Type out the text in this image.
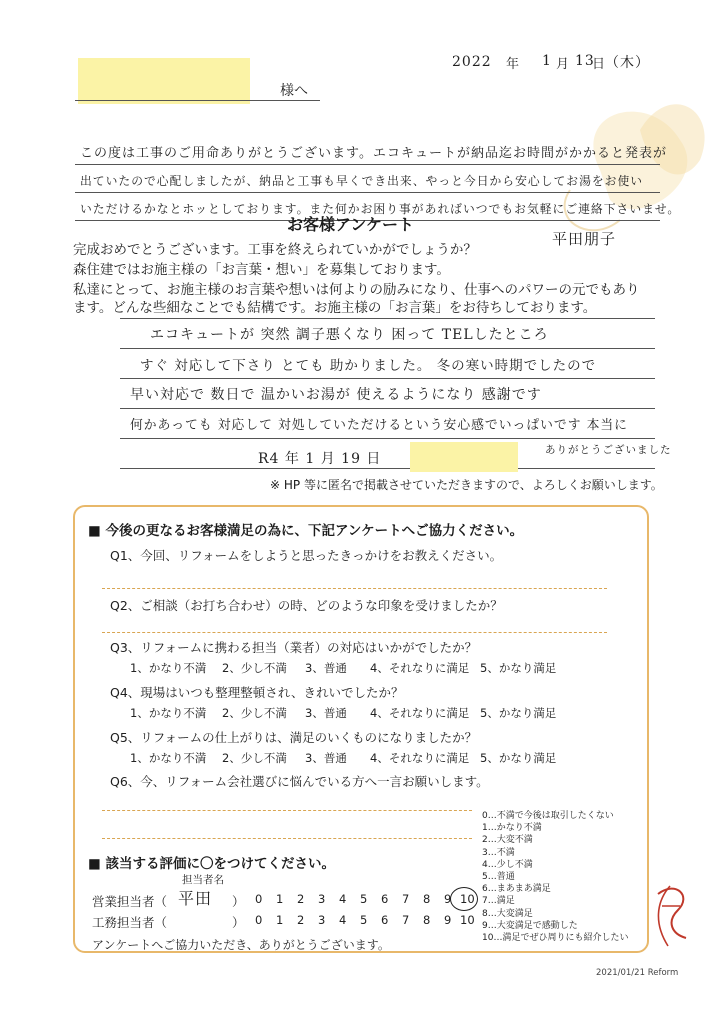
2022 年 1 月 13
日 （木）
様へ
この度は工事のご用命ありがとうございます。エコキュートが納品迄お時間がかかると発表が
出ていたので心配しましたが、納品と工事も早くでき出来、やっと今日から安心してお湯をお使い
いただけるかなとホッとしております。また何かお困り事があればいつでもお気軽にご連絡下さいませ。
平田朋子
お客様アンケート
完成おめでとうございます。工事を終えられていかがでしょうか？
森住建ではお施主様の「お言葉・想い」を募集しております。
私達にとって、お施主様のお言葉や想いは何よりの励みになり、仕事へのパワーの元でもあり
ます。どんな些細なことでも結構です。お施主様の「お言葉」をお待ちしております。
エコキュートが 突然 調子悪くなり 困って TELしたところ
すぐ 対応して下さり とても 助かりました。 冬の寒い時期でしたので
早い対応で 数日で 温かいお湯が 使えるようになり 感謝です
何かあっても 対応して 対処していただけるという安心感でいっぱいです 本当に
ありがとうございました
R4 年 1 月 19 日
※ HP 等に匿名で掲載させていただきますので、よろしくお願いします。
■ 今後の更なるお客様満足の為に、下記アンケートへご協力ください。
Q1、今回、リフォームをしようと思ったきっかけをお教えください。
Q2、ご相談（お打ち合わせ）の時、どのような印象を受けましたか？
Q3、リフォームに携わる担当（業者）の対応はいかがでしたか？
1、かなり不満 2、少し不満 3、普通 4、それなりに満足 5、かなり満足
Q4、現場はいつも整理整頓され、きれいでしたか？
1、かなり不満 2、少し不満 3、普通 4、それなりに満足 5、かなり満足
Q5、リフォームの仕上がりは、満足のいくものになりましたか？
1、かなり不満 2、少し不満 3、普通 4、それなりに満足 5、かなり満足
Q6、今、リフォーム会社選びに悩んでいる方へ一言お願いします。
■ 該当する評価に〇をつけてください。
担当者名
営業担当者（ 平田 ）
工務担当者（	）
0 1 2 3 4 5 6 7 8 9 10
0 1 2 3 4 5 6 7 8 9 10
アンケートへご協力いただき、ありがとうございます。
0…不満で今後は取引したくない
1…かなり不満
2…大変不満
3…不満
4…少し不満
5…普通
6…まあまあ満足
7…満足
8…大変満足
9…大変満足で感動した
10…満足でぜひ周りにも紹介したい
2021/01/21 Reform
